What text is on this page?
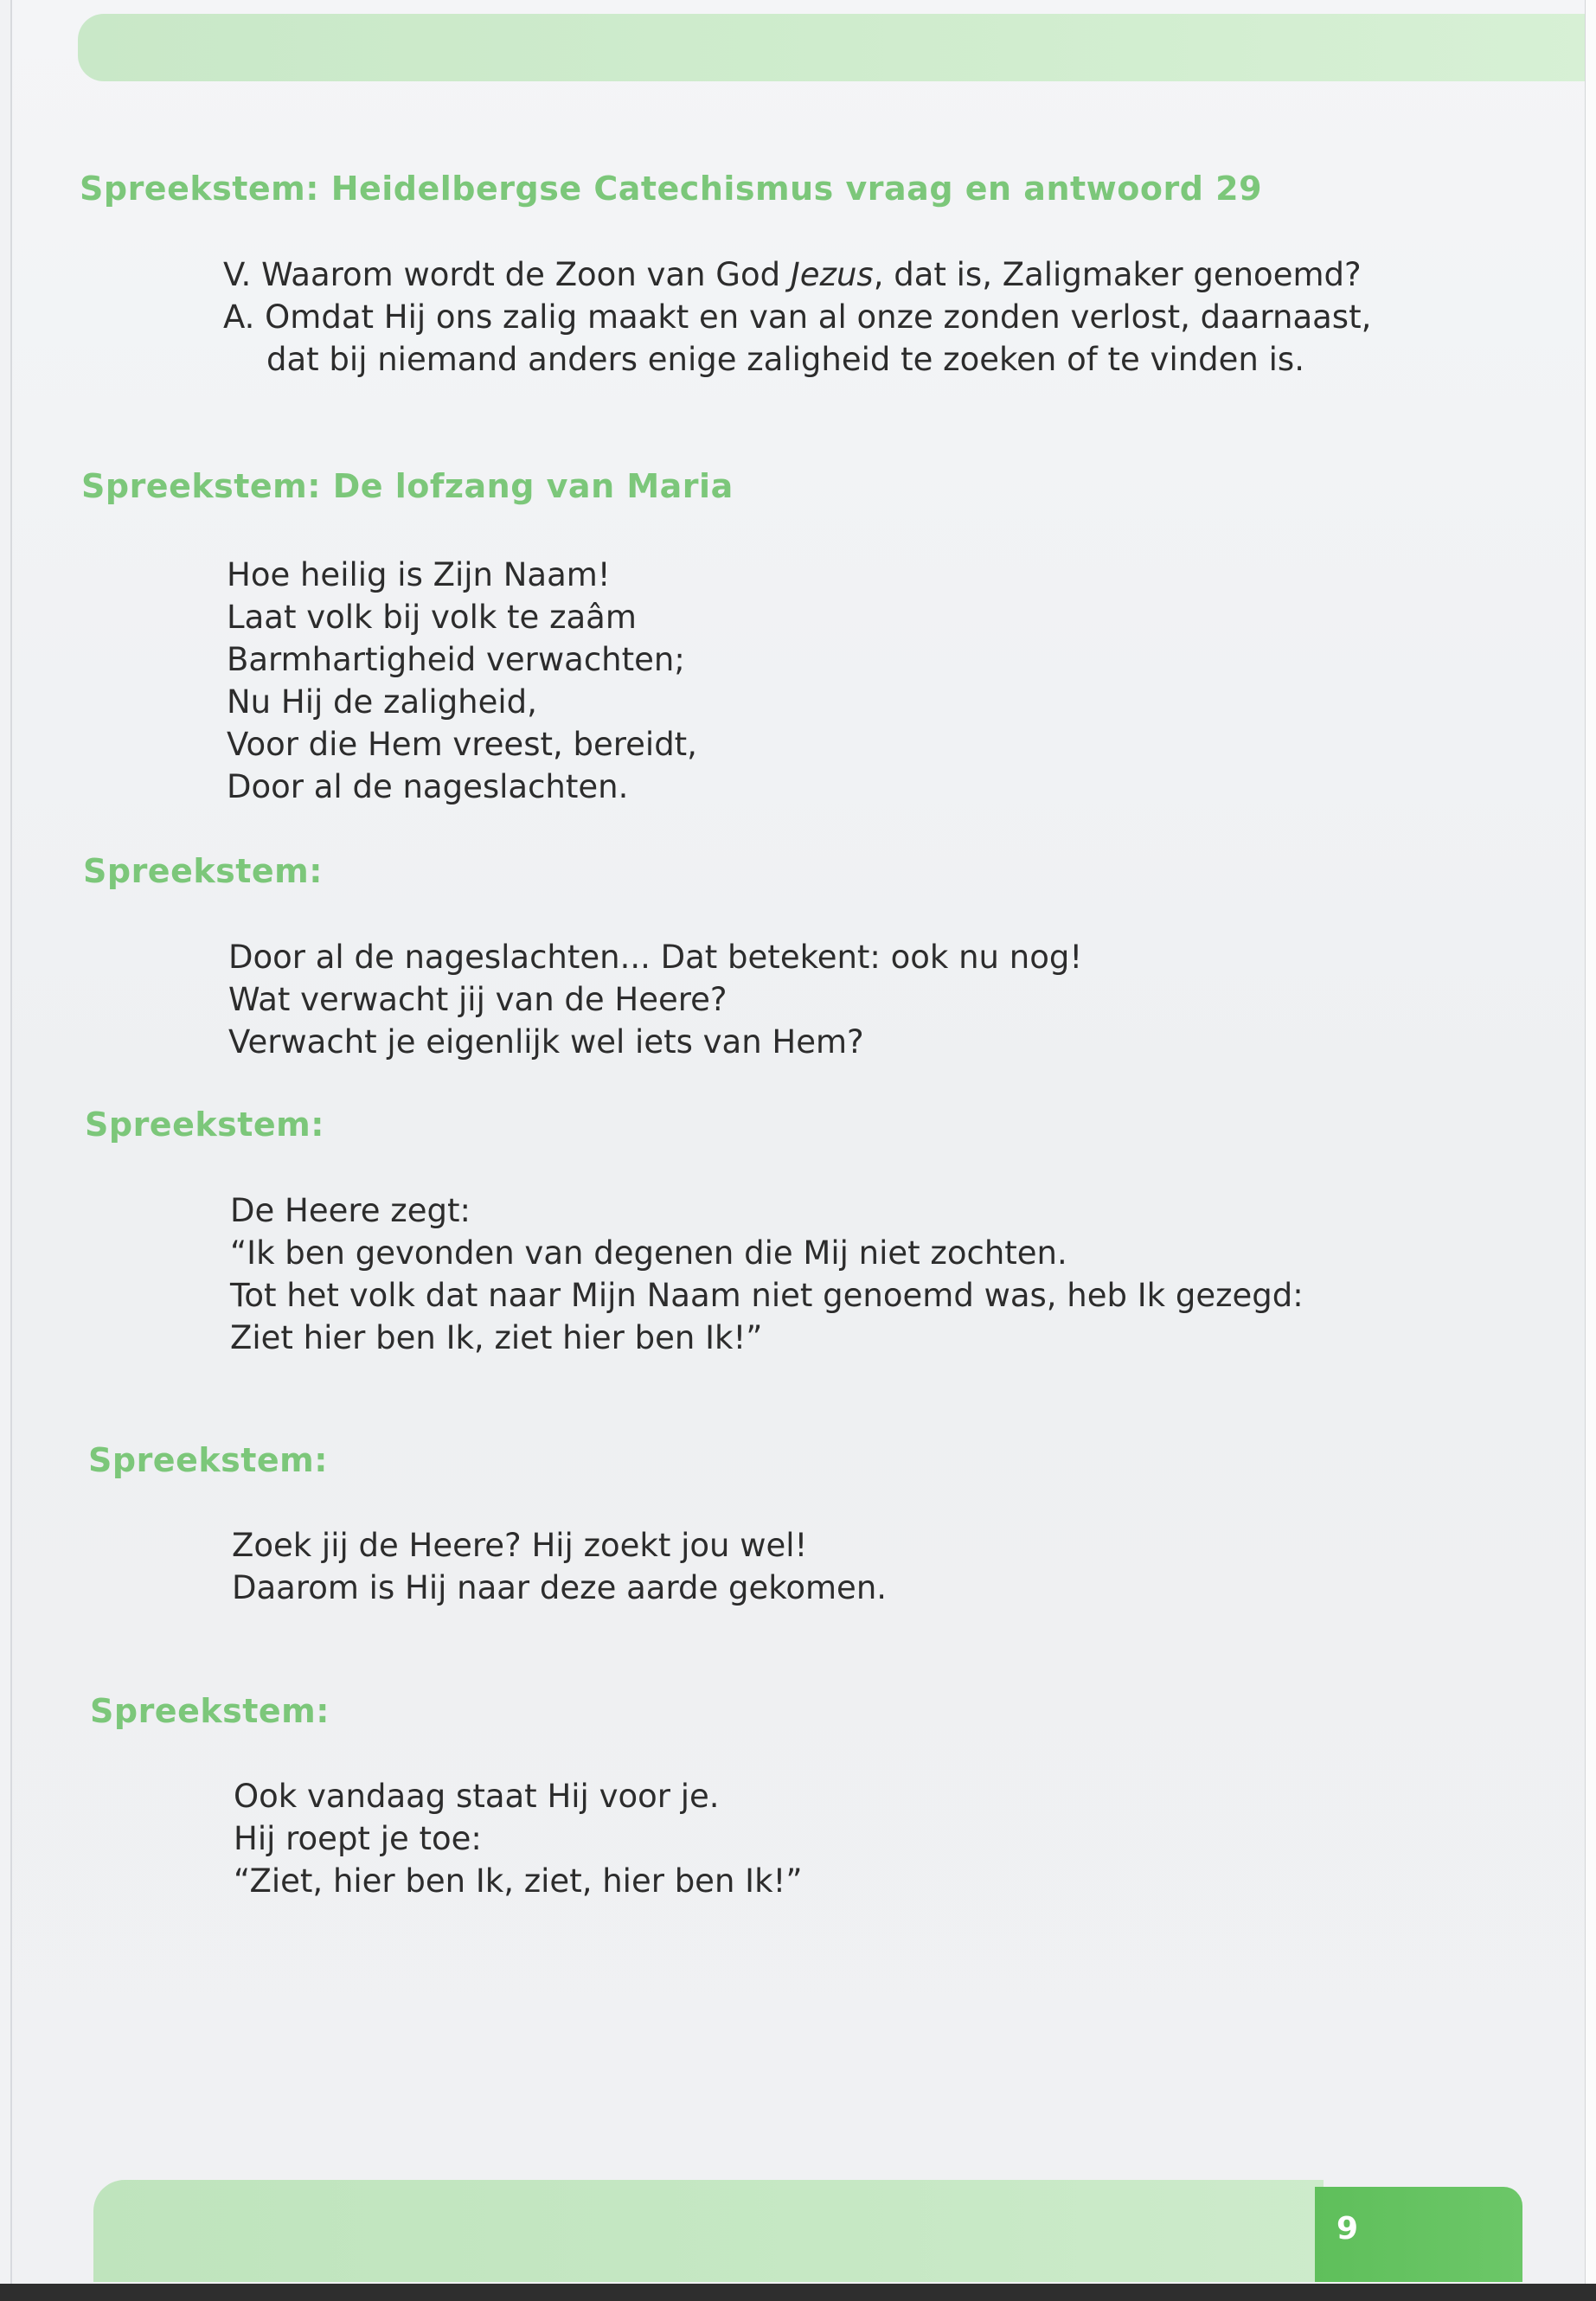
Spreekstem: Heidelbergse Catechismus vraag en antwoord 29
V. Waarom wordt de Zoon van God Jezus, dat is, Zaligmaker genoemd?
A. Omdat Hij ons zalig maakt en van al onze zonden verlost, daarnaast,
dat bij niemand anders enige zaligheid te zoeken of te vinden is.
Spreekstem: De lofzang van Maria
Hoe heilig is Zijn Naam!
Laat volk bij volk te zaâm
Barmhartigheid verwachten;
Nu Hij de zaligheid,
Voor die Hem vreest, bereidt,
Door al de nageslachten.
Spreekstem:
Door al de nageslachten... Dat betekent: ook nu nog!
Wat verwacht jij van de Heere?
Verwacht je eigenlijk wel iets van Hem?
Spreekstem:
De Heere zegt:
“Ik ben gevonden van degenen die Mij niet zochten.
Tot het volk dat naar Mijn Naam niet genoemd was, heb Ik gezegd:
Ziet hier ben Ik, ziet hier ben Ik!”
Spreekstem:
Zoek jij de Heere? Hij zoekt jou wel!
Daarom is Hij naar deze aarde gekomen.
Spreekstem:
Ook vandaag staat Hij voor je.
Hij roept je toe:
“Ziet, hier ben Ik, ziet, hier ben Ik!”
9
